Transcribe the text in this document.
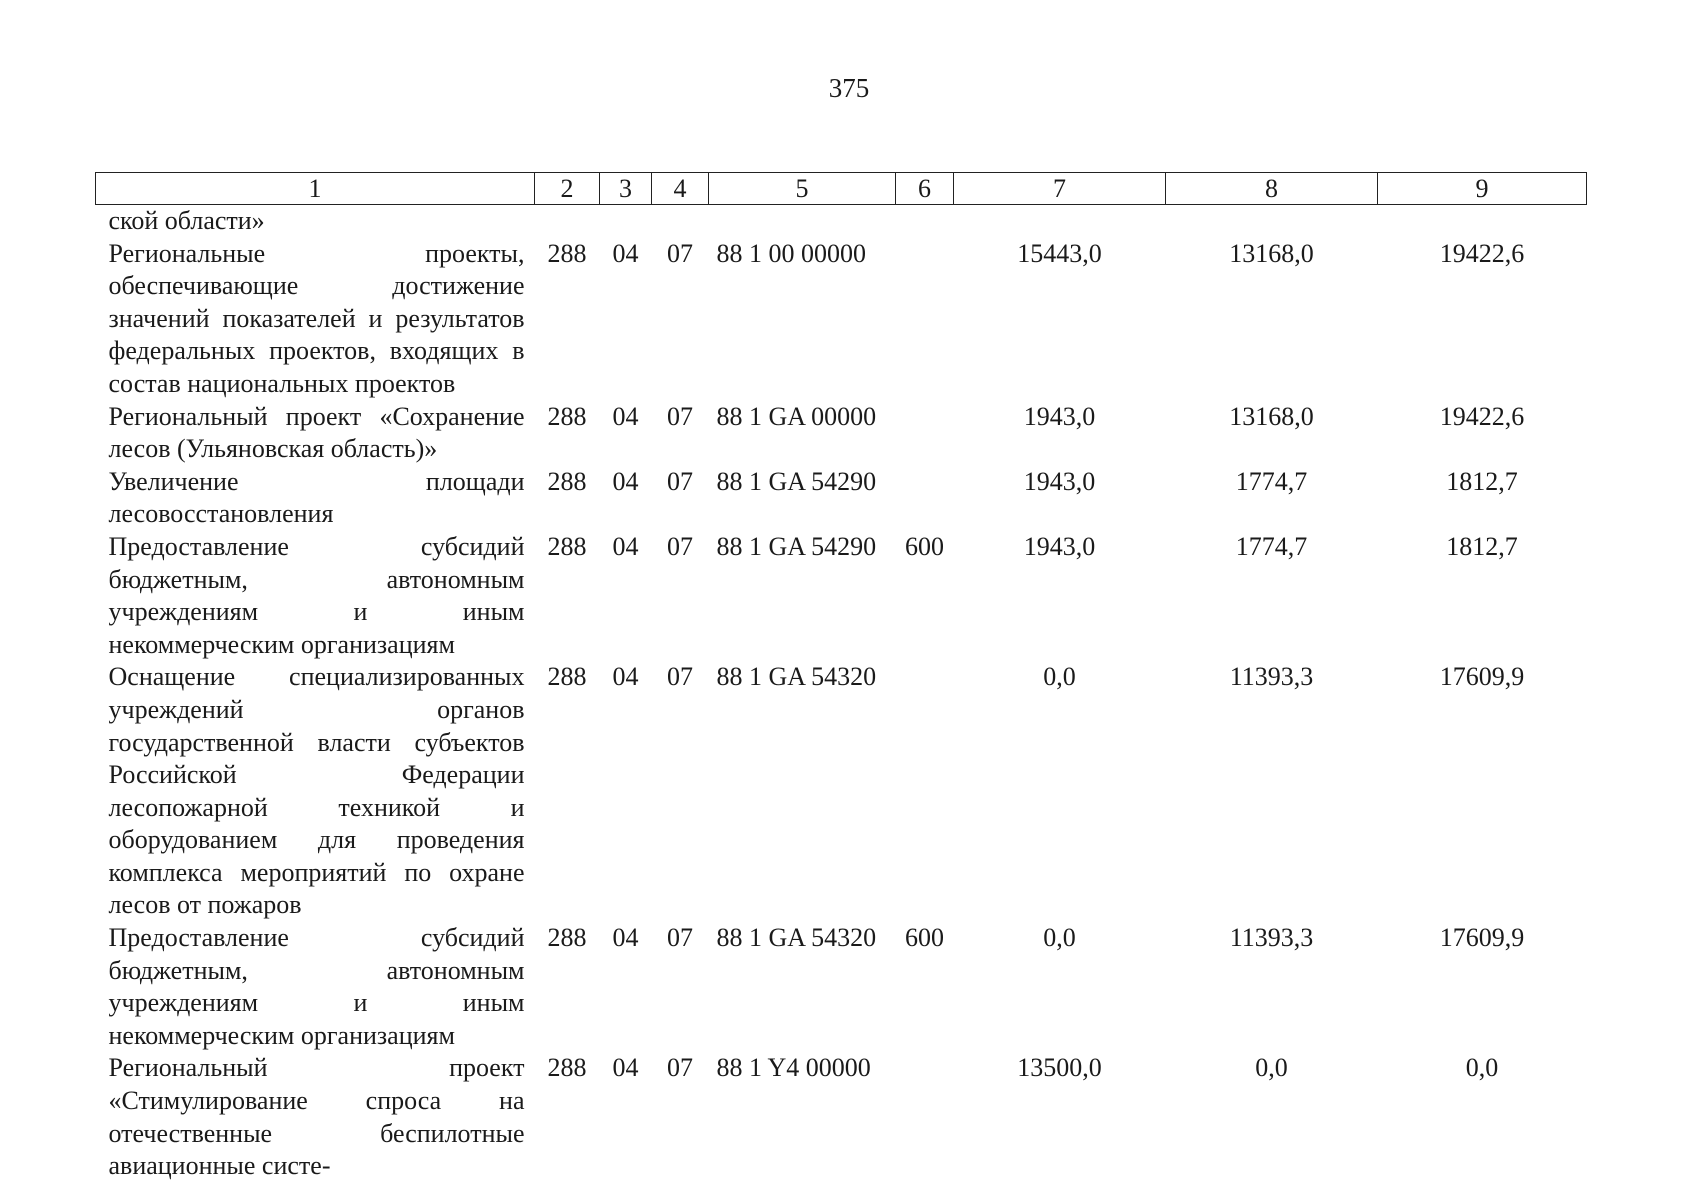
375
1	2	3	4	5	6	7	8	9
ской области»								
Региональные проекты, обеспечивающие достижение значений показателей и результатов федеральных проектов, входящих в состав национальных проектов	288	04	07	88 1 00 00000		15443,0	13168,0	19422,6
Региональный проект «Сохранение лесов (Ульяновская область)»	288	04	07	88 1 GA 00000		1943,0	13168,0	19422,6
Увеличение площади лесовосстановления	288	04	07	88 1 GA 54290		1943,0	1774,7	1812,7
Предоставление субсидий бюджетным, автономным учреждениям и иным некоммерческим организациям	288	04	07	88 1 GA 54290	600	1943,0	1774,7	1812,7
Оснащение специализированных учреждений органов государственной власти субъектов Российской Федерации лесопожарной техникой и оборудованием для проведения комплекса мероприятий по охране лесов от пожаров	288	04	07	88 1 GA 54320		0,0	11393,3	17609,9
Предоставление субсидий бюджетным, автономным учреждениям и иным некоммерческим организациям	288	04	07	88 1 GA 54320	600	0,0	11393,3	17609,9
Региональный проект «Стимулирование спроса на отечественные беспилотные авиационные систе-	288	04	07	88 1 Y4 00000		13500,0	0,0	0,0
